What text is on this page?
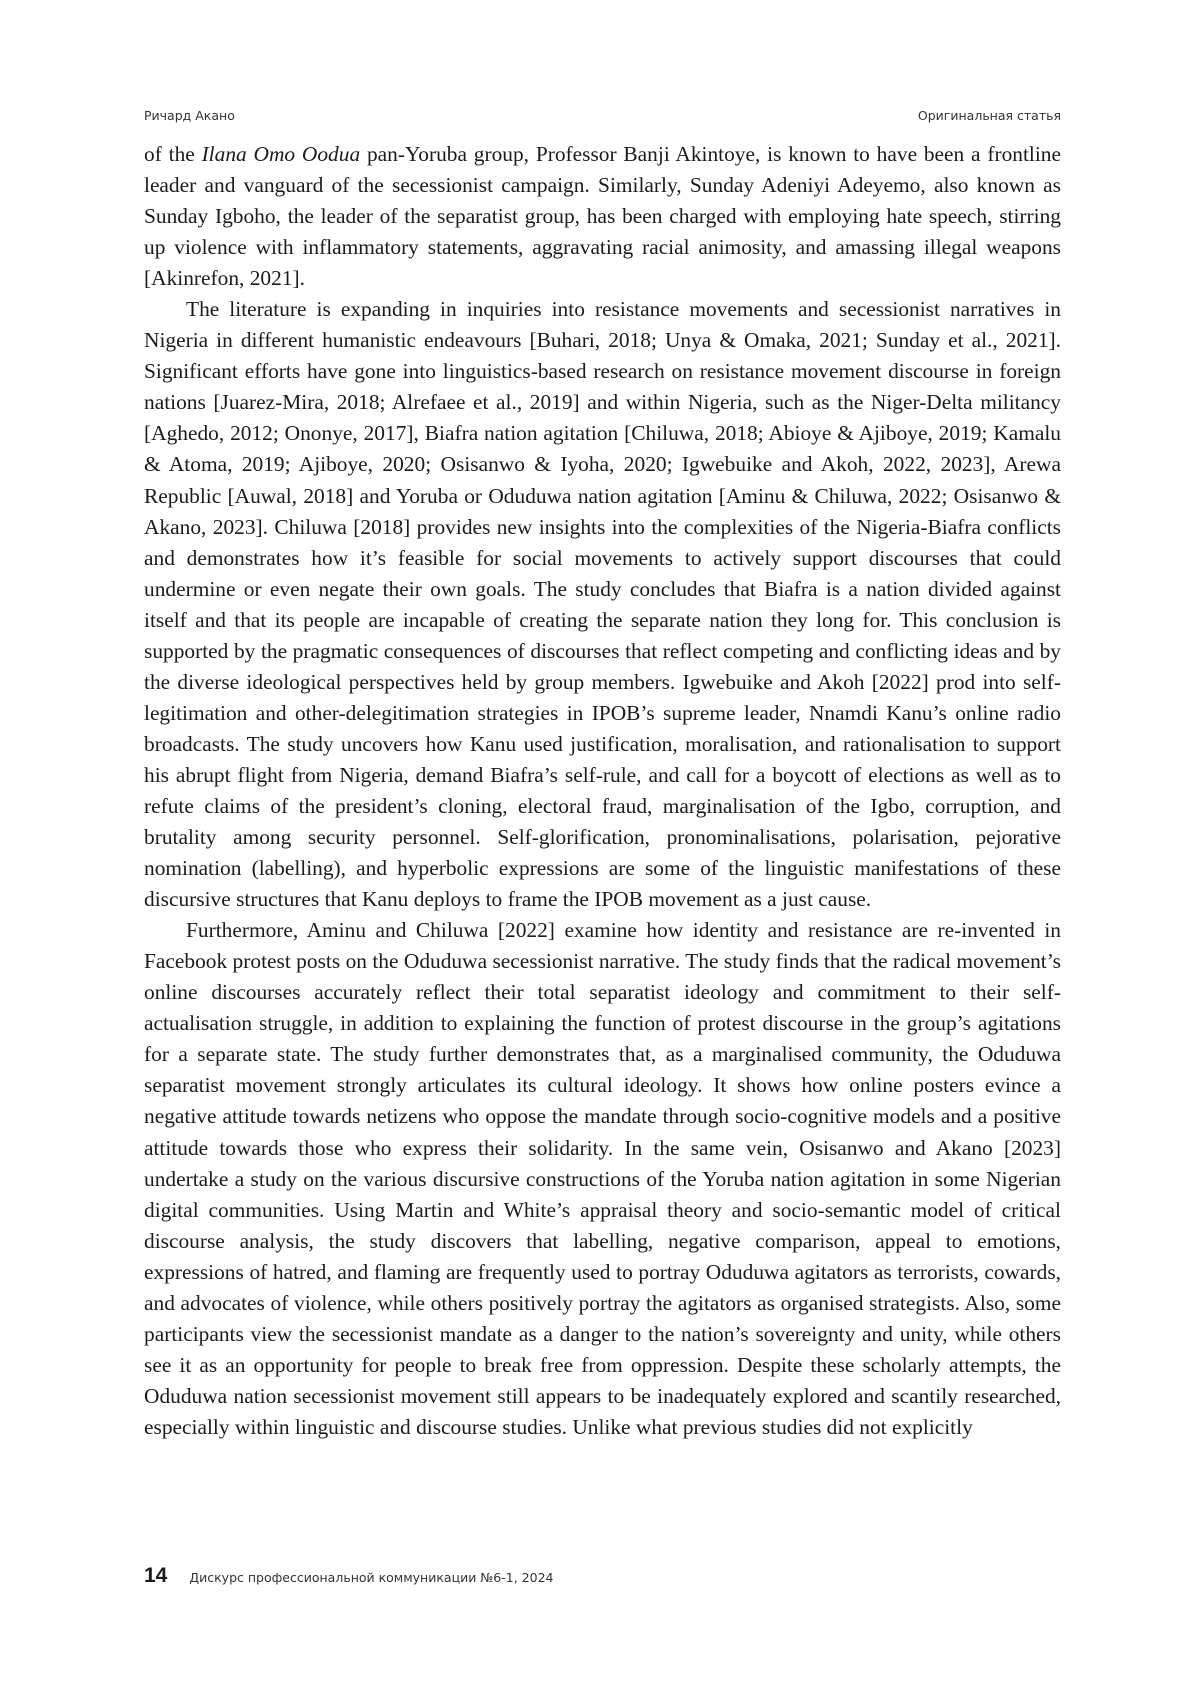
Ричард Акано	Оригинальная статья

of the Ilana Omo Oodua pan-Yoruba group, Professor Banji Akintoye, is known to have been a frontline leader and vanguard of the secessionist campaign. Similarly, Sunday Adeniyi Adeyemo, also known as Sunday Igboho, the leader of the separatist group, has been charged with employing hate speech, stirring up violence with inflammatory statements, aggravating racial animosity, and amassing illegal weapons [Akinrefon, 2021].

The literature is expanding in inquiries into resistance movements and secessionist narratives in Nigeria in different humanistic endeavours [Buhari, 2018; Unya & Omaka, 2021; Sunday et al., 2021]. Significant efforts have gone into linguistics-based research on resistance movement discourse in foreign nations [Juarez-Mira, 2018; Alrefaee et al., 2019] and within Nigeria, such as the Niger-Delta militancy [Aghedo, 2012; Ononye, 2017], Biafra nation agitation [Chiluwa, 2018; Abioye & Ajiboye, 2019; Kamalu & Atoma, 2019; Ajiboye, 2020; Osisanwo & Iyoha, 2020; Igwebuike and Akoh, 2022, 2023], Arewa Republic [Auwal, 2018] and Yoruba or Oduduwa nation agitation [Aminu & Chiluwa, 2022; Osisanwo & Akano, 2023]. Chiluwa [2018] provides new insights into the complexities of the Nigeria-Biafra conflicts and demonstrates how it’s feasible for social movements to actively support discourses that could undermine or even negate their own goals. The study concludes that Biafra is a nation divided against itself and that its people are incapable of creating the separate nation they long for. This conclusion is supported by the pragmatic consequences of discourses that reflect competing and conflicting ideas and by the diverse ideological perspectives held by group members. Igwebuike and Akoh [2022] prod into self-legitimation and other-delegitimation strategies in IPOB’s supreme leader, Nnamdi Kanu’s online radio broadcasts. The study uncovers how Kanu used justification, moralisation, and rationalisation to support his abrupt flight from Nigeria, demand Biafra’s self-rule, and call for a boycott of elections as well as to refute claims of the president’s cloning, electoral fraud, marginalisation of the Igbo, corruption, and brutality among security personnel. Self-glorification, pronominalisations, polarisation, pejorative nomination (labelling), and hyperbolic expressions are some of the linguistic manifestations of these discursive structures that Kanu deploys to frame the IPOB movement as a just cause.

Furthermore, Aminu and Chiluwa [2022] examine how identity and resistance are re-invented in Facebook protest posts on the Oduduwa secessionist narrative. The study finds that the radical movement’s online discourses accurately reflect their total separatist ideology and commitment to their self-actualisation struggle, in addition to explaining the function of protest discourse in the group’s agitations for a separate state. The study further demonstrates that, as a marginalised community, the Oduduwa separatist movement strongly articulates its cultural ideology. It shows how online posters evince a negative attitude towards netizens who oppose the mandate through socio-cognitive models and a positive attitude towards those who express their solidarity. In the same vein, Osisanwo and Akano [2023] undertake a study on the various discursive constructions of the Yoruba nation agitation in some Nigerian digital communities. Using Martin and White’s appraisal theory and socio-semantic model of critical discourse analysis, the study discovers that labelling, negative comparison, appeal to emotions, expressions of hatred, and flaming are frequently used to portray Oduduwa agitators as terrorists, cowards, and advocates of violence, while others positively portray the agitators as organised strategists. Also, some participants view the secessionist mandate as a danger to the nation’s sovereignty and unity, while others see it as an opportunity for people to break free from oppression. Despite these scholarly attempts, the Oduduwa nation secessionist movement still appears to be inadequately explored and scantily researched, especially within linguistic and discourse studies. Unlike what previous studies did not explicitly

14 Дискурс профессиональной коммуникации №6-1, 2024
